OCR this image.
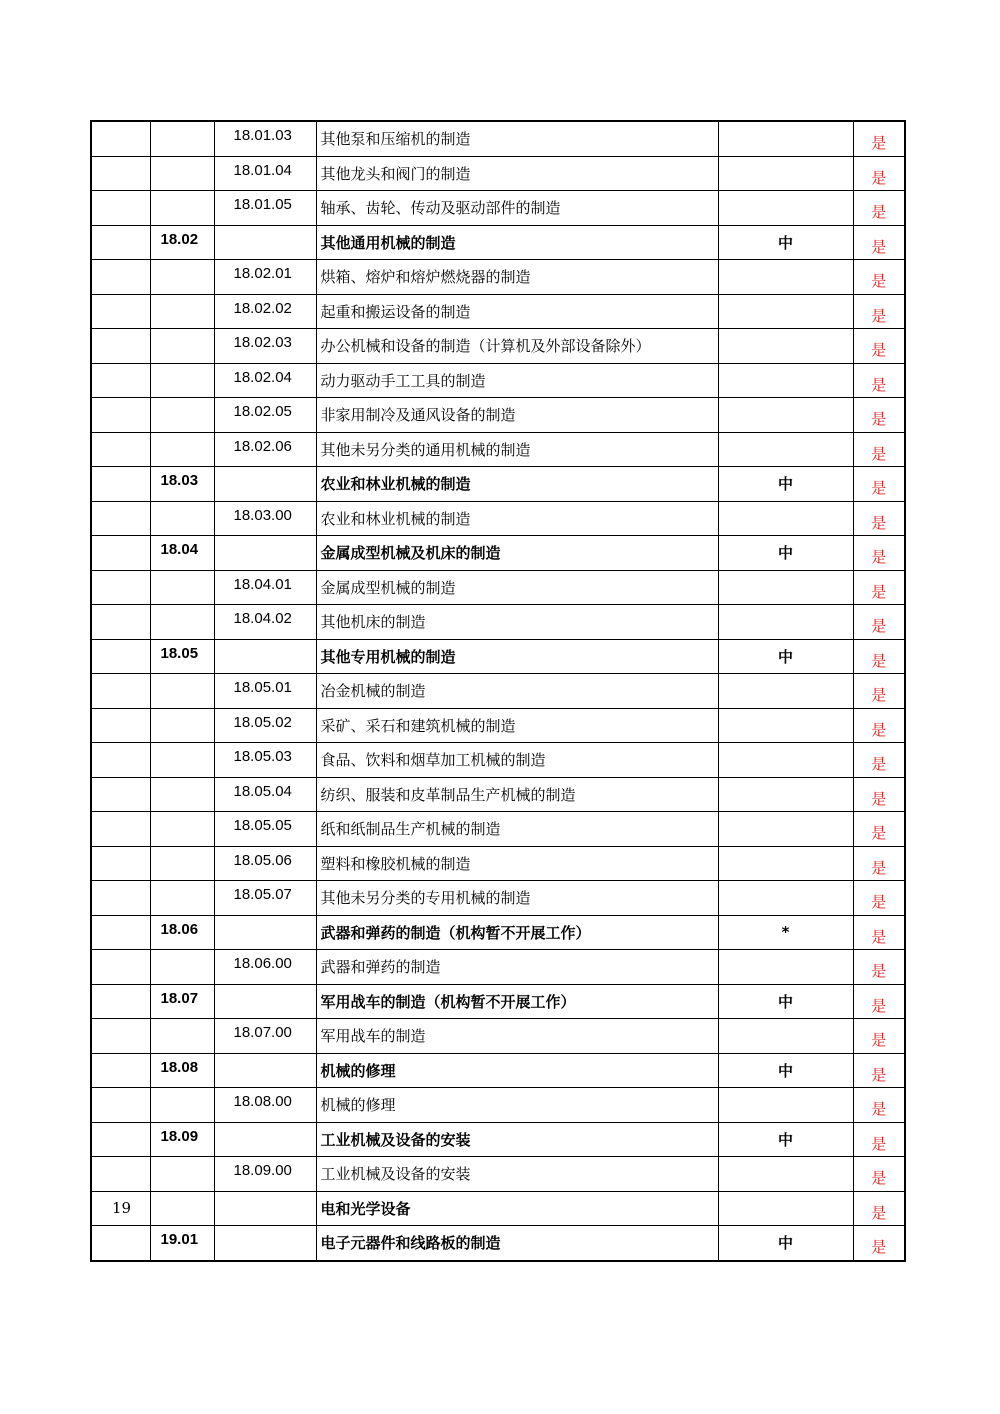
		18.01.03	其他泵和压缩机的制造		是
		18.01.04	其他龙头和阀门的制造		是
		18.01.05	轴承、齿轮、传动及驱动部件的制造		是
	18.02		其他通用机械的制造	中	是
		18.02.01	烘箱、熔炉和熔炉燃烧器的制造		是
		18.02.02	起重和搬运设备的制造		是
		18.02.03	办公机械和设备的制造（计算机及外部设备除外）		是
		18.02.04	动力驱动手工工具的制造		是
		18.02.05	非家用制冷及通风设备的制造		是
		18.02.06	其他未另分类的通用机械的制造		是
	18.03		农业和林业机械的制造	中	是
		18.03.00	农业和林业机械的制造		是
	18.04		金属成型机械及机床的制造	中	是
		18.04.01	金属成型机械的制造		是
		18.04.02	其他机床的制造		是
	18.05		其他专用机械的制造	中	是
		18.05.01	冶金机械的制造		是
		18.05.02	采矿、采石和建筑机械的制造		是
		18.05.03	食品、饮料和烟草加工机械的制造		是
		18.05.04	纺织、服装和皮革制品生产机械的制造		是
		18.05.05	纸和纸制品生产机械的制造		是
		18.05.06	塑料和橡胶机械的制造		是
		18.05.07	其他未另分类的专用机械的制造		是
	18.06		武器和弹药的制造（机构暂不开展工作）	*	是
		18.06.00	武器和弹药的制造		是
	18.07		军用战车的制造（机构暂不开展工作）	中	是
		18.07.00	军用战车的制造		是
	18.08		机械的修理	中	是
		18.08.00	机械的修理		是
	18.09		工业机械及设备的安装	中	是
		18.09.00	工业机械及设备的安装		是
19			电和光学设备		是
	19.01		电子元器件和线路板的制造	中	是
